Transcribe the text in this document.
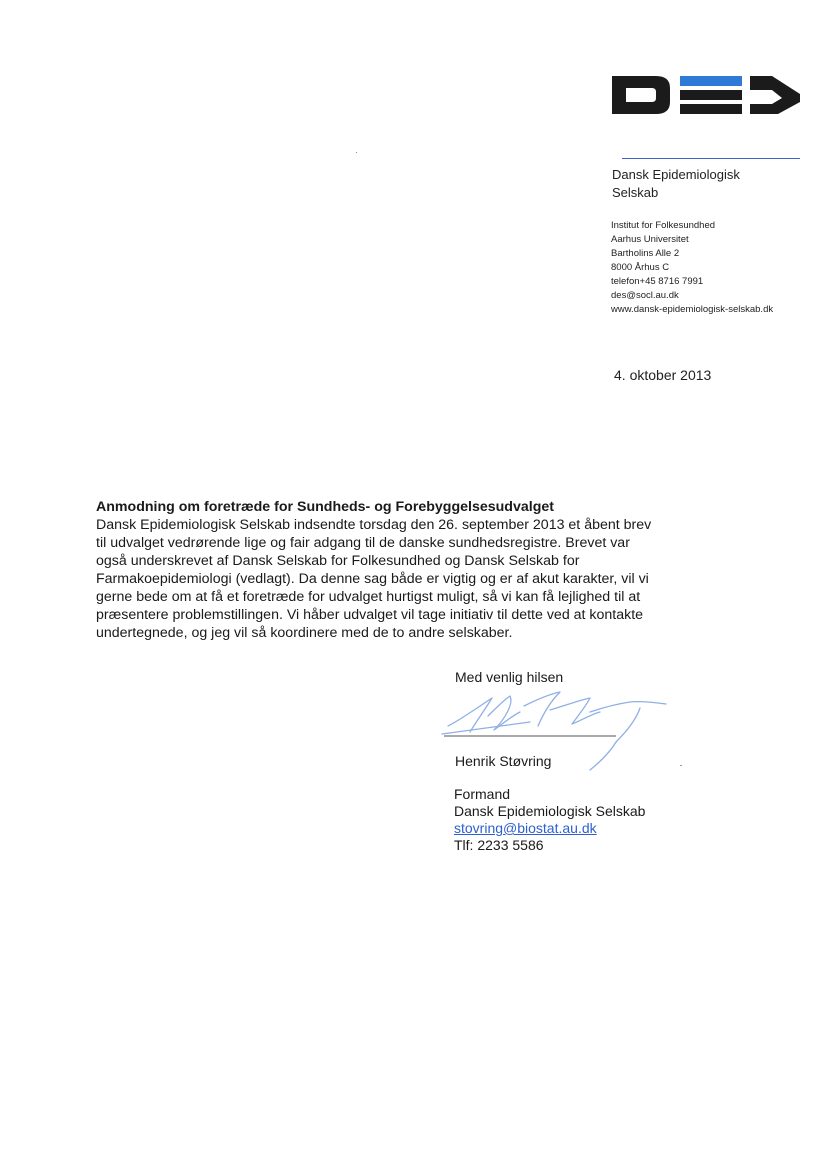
Dansk Epidemiologisk
Selskab
Institut for Folkesundhed
Aarhus Universitet
Bartholins Alle 2
8000 Århus C
telefon+45 8716 7991
des@socl.au.dk
www.dansk-epidemiologisk-selskab.dk
4. oktober 2013

Anmodning om foretræde for Sundheds- og Forebyggelsesudvalget

Dansk Epidemiologisk Selskab indsendte torsdag den 26. september 2013 et åbent brev
til udvalget vedrørende lige og fair adgang til de danske sundhedsregistre. Brevet var
også underskrevet af Dansk Selskab for Folkesundhed og Dansk Selskab for
Farmakoepidemiologi (vedlagt). Da denne sag både er vigtig og er af akut karakter, vil vi
gerne bede om at få et foretræde for udvalget hurtigst muligt, så vi kan få lejlighed til at
præsentere problemstillingen. Vi håber udvalget vil tage initiativ til dette ved at kontakte
undertegnede, og jeg vil så koordinere med de to andre selskaber.

Med venlig hilsen
Henrik Støvring
Formand
Dansk Epidemiologisk Selskab
stovring@biostat.au.dk
Tlf: 2233 5586
